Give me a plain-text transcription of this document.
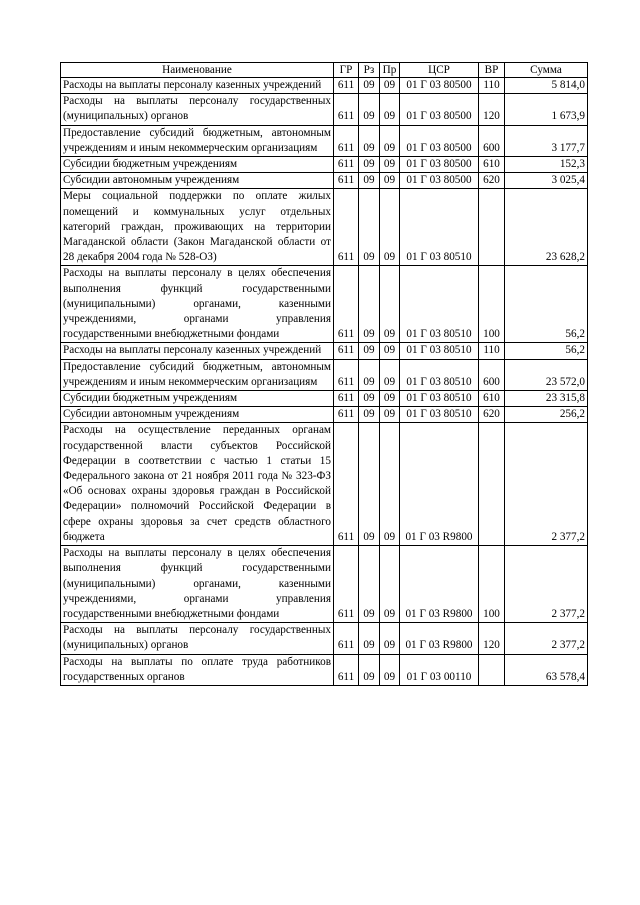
Наименование	ГР	Рз	Пр	ЦСР	ВР	Сумма
Расходы на выплаты персоналу казенных учреждений	611	09	09	01 Г 03 80500	110	5 814,0
Расходы на выплаты персоналу государственных (муниципальных) органов	611	09	09	01 Г 03 80500	120	1 673,9
Предоставление субсидий бюджетным, автономным учреждениям и иным некоммерческим организациям	611	09	09	01 Г 03 80500	600	3 177,7
Субсидии бюджетным учреждениям	611	09	09	01 Г 03 80500	610	152,3
Субсидии автономным учреждениям	611	09	09	01 Г 03 80500	620	3 025,4
Меры социальной поддержки по оплате жилых помещений и коммунальных услуг отдельных категорий граждан, проживающих на территории Магаданской области (Закон Магаданской области от 28 декабря 2004 года № 528-ОЗ)	611	09	09	01 Г 03 80510		23 628,2
Расходы на выплаты персоналу в целях обеспечения выполнения функций государственными (муниципальными) органами, казенными учреждениями, органами управления государственными внебюджетными фондами	611	09	09	01 Г 03 80510	100	56,2
Расходы на выплаты персоналу казенных учреждений	611	09	09	01 Г 03 80510	110	56,2
Предоставление субсидий бюджетным, автономным учреждениям и иным некоммерческим организациям	611	09	09	01 Г 03 80510	600	23 572,0
Субсидии бюджетным учреждениям	611	09	09	01 Г 03 80510	610	23 315,8
Субсидии автономным учреждениям	611	09	09	01 Г 03 80510	620	256,2
Расходы на осуществление переданных органам государственной власти субъектов Российской Федерации в соответствии с частью 1 статьи 15 Федерального закона от 21 ноября 2011 года № 323-ФЗ «Об основах охраны здоровья граждан в Российской Федерации» полномочий Российской Федерации в сфере охраны здоровья за счет средств областного бюджета	611	09	09	01 Г 03 R9800		2 377,2
Расходы на выплаты персоналу в целях обеспечения выполнения функций государственными (муниципальными) органами, казенными учреждениями, органами управления государственными внебюджетными фондами	611	09	09	01 Г 03 R9800	100	2 377,2
Расходы на выплаты персоналу государственных (муниципальных) органов	611	09	09	01 Г 03 R9800	120	2 377,2
Расходы на выплаты по оплате труда работников государственных органов	611	09	09	01 Г 03 00110		63 578,4
